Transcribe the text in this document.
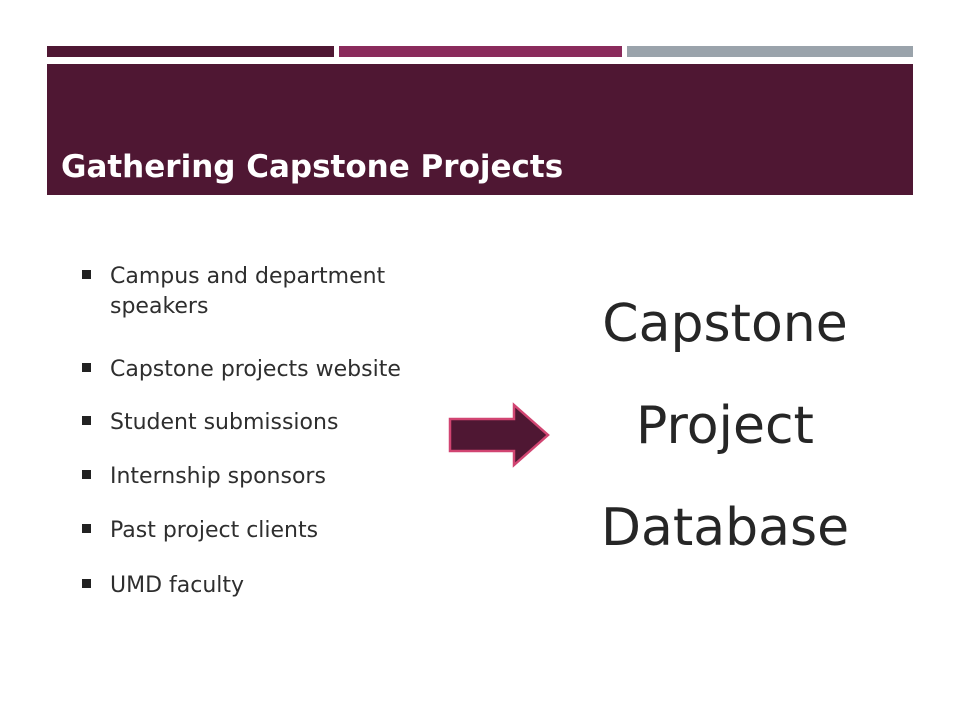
Gathering Capstone Projects
Campus and department speakers
Capstone projects website
Student submissions
Internship sponsors
Past project clients
UMD faculty

Capstone

Project

Database
